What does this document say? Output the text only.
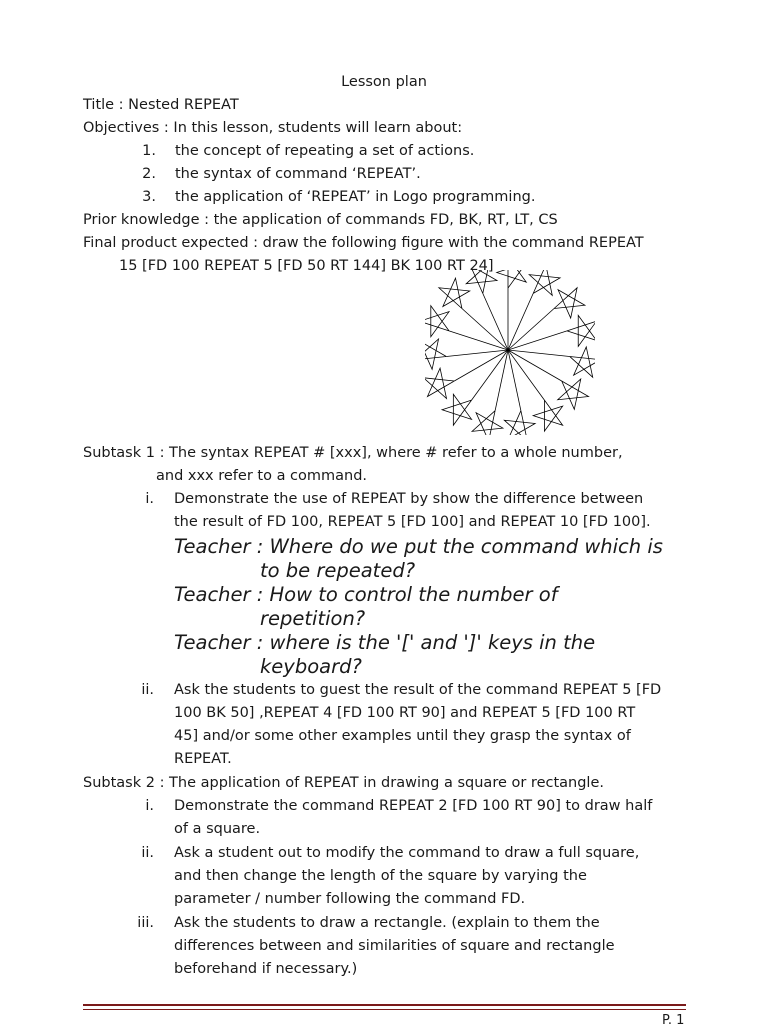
Lesson plan
Title : Nested REPEAT
Objectives : In this lesson, students will learn about:
1. the concept of repeating a set of actions.
2. the syntax of command ‘REPEAT’.
3. the application of ‘REPEAT’ in Logo programming.
Prior knowledge : the application of commands FD, BK, RT, LT, CS
Final product expected : draw the following figure with the command REPEAT
15 [FD 100 REPEAT 5 [FD 50 RT 144] BK 100 RT 24]
Subtask 1 : The syntax REPEAT # [xxx], where # refer to a whole number,
and xxx refer to a command.
i. Demonstrate the use of REPEAT by show the difference between
the result of FD 100, REPEAT 5 [FD 100] and REPEAT 10 [FD 100].
Teacher : Where do we put the command which is
to be repeated?
Teacher : How to control the number of
repetition?
Teacher : where is the '[' and ']' keys in the
keyboard?
ii. Ask the students to guest the result of the command REPEAT 5 [FD
100 BK 50] ,REPEAT 4 [FD 100 RT 90] and REPEAT 5 [FD 100 RT
45] and/or some other examples until they grasp the syntax of
REPEAT.
Subtask 2 : The application of REPEAT in drawing a square or rectangle.
i. Demonstrate the command REPEAT 2 [FD 100 RT 90] to draw half
of a square.
ii. Ask a student out to modify the command to draw a full square,
and then change the length of the square by varying the
parameter / number following the command FD.
iii. Ask the students to draw a rectangle. (explain to them the
differences between and similarities of square and rectangle
beforehand if necessary.)
P. 1
